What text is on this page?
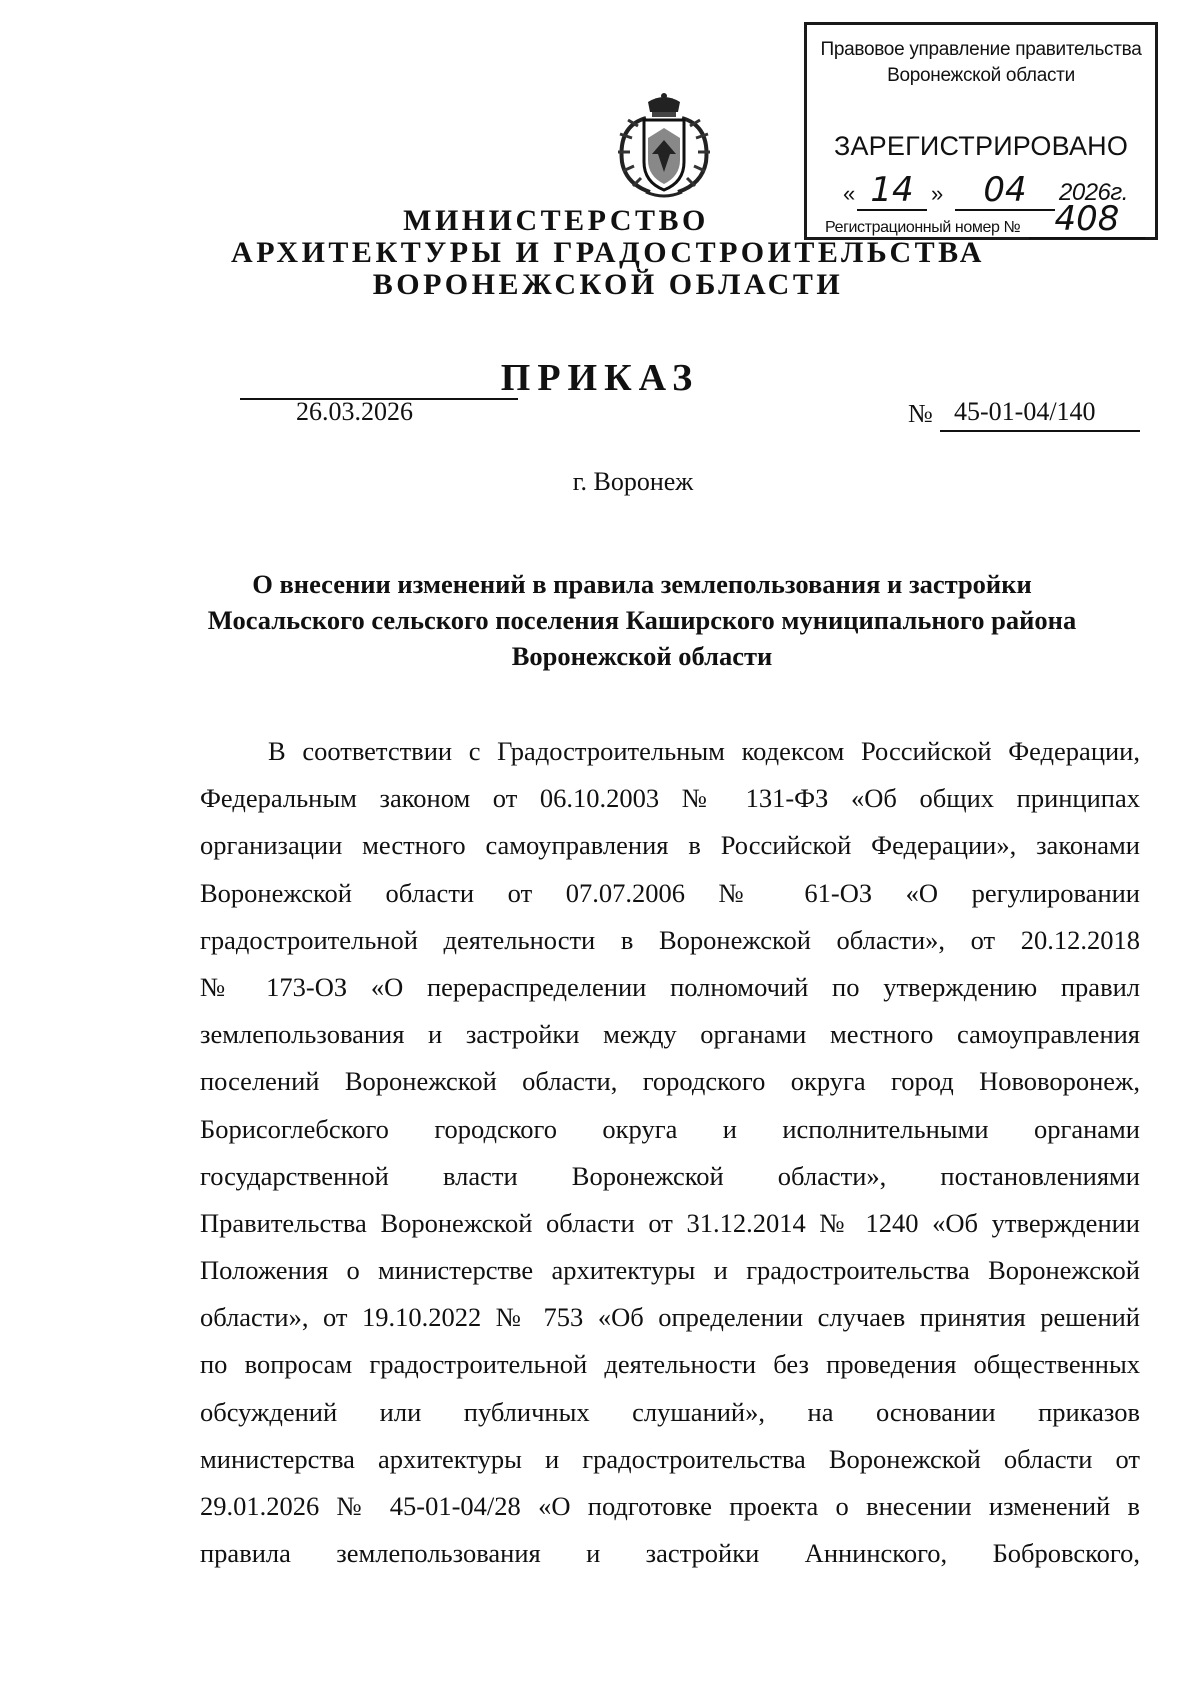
Правовое управление правительства
Воронежской области
ЗАРЕГИСТРИРОВАНО
« 14 »	04	2026г.
Регистрационный номер №	408
МИНИСТЕРСТВО
АРХИТЕКТУРЫ И ГРАДОСТРОИТЕЛЬСТВА
ВОРОНЕЖСКОЙ ОБЛАСТИ
ПРИКАЗ
26.03.2026	№ 45-01-04/140
г. Воронеж
О внесении изменений в правила землепользования и застройки
Мосальского сельского поселения Каширского муниципального района
Воронежской области
В соответствии с Градостроительным кодексом Российской Федерации,
Федеральным законом от 06.10.2003 № 131-ФЗ «Об общих принципах
организации местного самоуправления в Российской Федерации», законами
Воронежской области от 07.07.2006 № 61-ОЗ «О регулировании
градостроительной деятельности в Воронежской области», от 20.12.2018
№ 173-ОЗ «О перераспределении полномочий по утверждению правил
землепользования и застройки между органами местного самоуправления
поселений Воронежской области, городского округа город Нововоронеж,
Борисоглебского городского округа и исполнительными органами
государственной власти Воронежской области», постановлениями
Правительства Воронежской области от 31.12.2014 № 1240 «Об утверждении
Положения о министерстве архитектуры и градостроительства Воронежской
области», от 19.10.2022 № 753 «Об определении случаев принятия решений
по вопросам градостроительной деятельности без проведения общественных
обсуждений или публичных слушаний», на основании приказов
министерства архитектуры и градостроительства Воронежской области от
29.01.2026 № 45-01-04/28 «О подготовке проекта о внесении изменений в
правила землепользования и застройки Аннинского, Бобровского,
